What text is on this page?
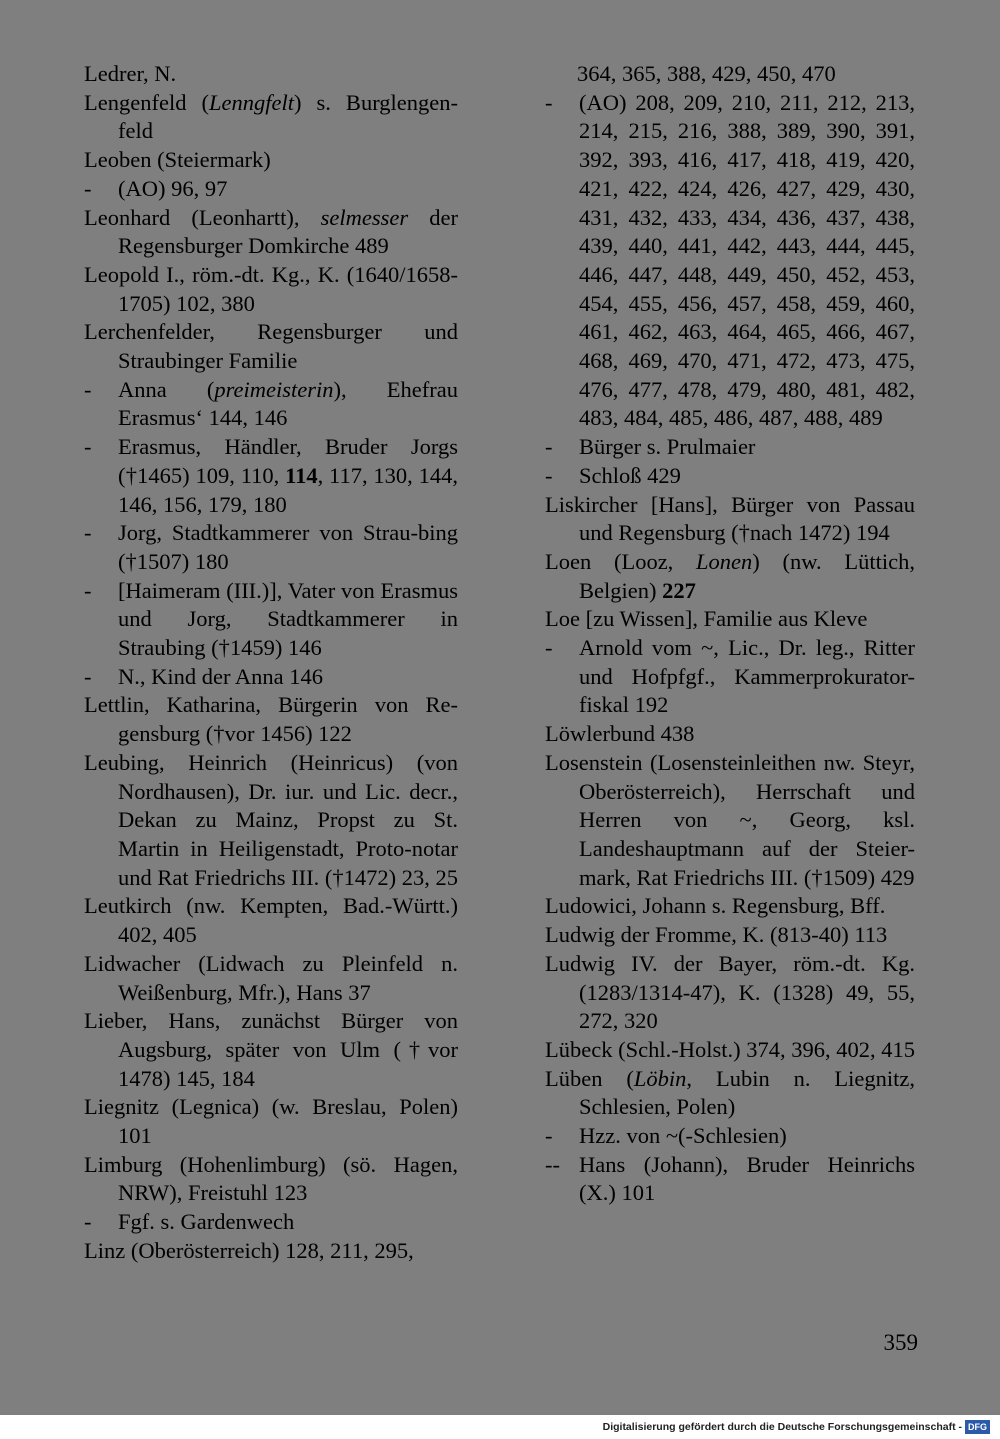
Ledrer, N.
Lengenfeld (Lenngfelt) s. Burglengen-feld
Leoben (Steiermark)
- (AO) 96, 97
Leonhard (Leonhartt), selmesser der Regensburger Domkirche 489
Leopold I., röm.-dt. Kg., K. (1640/1658-1705) 102, 380
Lerchenfelder, Regensburger und Straubinger Familie
- Anna (preimeisterin), Ehefrau Erasmus‘ 144, 146
- Erasmus, Händler, Bruder Jorgs (†1465) 109, 110, 114, 117, 130, 144, 146, 156, 179, 180
- Jorg, Stadtkammerer von Strau-bing (†1507) 180
- [Haimeram (III.)], Vater von Erasmus und Jorg, Stadtkammerer in Straubing (†1459) 146
- N., Kind der Anna 146
Lettlin, Katharina, Bürgerin von Re-gensburg (†vor 1456) 122
Leubing, Heinrich (Heinricus) (von Nordhausen), Dr. iur. und Lic. decr., Dekan zu Mainz, Propst zu St. Martin in Heiligenstadt, Proto-notar und Rat Friedrichs III. (†1472) 23, 25
Leutkirch (nw. Kempten, Bad.-Württ.) 402, 405
Lidwacher (Lidwach zu Pleinfeld n. Weißenburg, Mfr.), Hans 37
Lieber, Hans, zunächst Bürger von Augsburg, später von Ulm (†vor 1478) 145, 184
Liegnitz (Legnica) (w. Breslau, Polen) 101
Limburg (Hohenlimburg) (sö. Hagen, NRW), Freistuhl 123
- Fgf. s. Gardenwech
Linz (Oberösterreich) 128, 211, 295,
364, 365, 388, 429, 450, 470
- (AO) 208, 209, 210, 211, 212, 213, 214, 215, 216, 388, 389, 390, 391, 392, 393, 416, 417, 418, 419, 420, 421, 422, 424, 426, 427, 429, 430, 431, 432, 433, 434, 436, 437, 438, 439, 440, 441, 442, 443, 444, 445, 446, 447, 448, 449, 450, 452, 453, 454, 455, 456, 457, 458, 459, 460, 461, 462, 463, 464, 465, 466, 467, 468, 469, 470, 471, 472, 473, 475, 476, 477, 478, 479, 480, 481, 482, 483, 484, 485, 486, 487, 488, 489
- Bürger s. Prulmaier
- Schloß 429
Liskircher [Hans], Bürger von Passau und Regensburg (†nach 1472) 194
Loen (Looz, Lonen) (nw. Lüttich, Belgien) 227
Loe [zu Wissen], Familie aus Kleve
- Arnold vom ~, Lic., Dr. leg., Ritter und Hofpfgf., Kammerprokurator-fiskal 192
Löwlerbund 438
Losenstein (Losensteinleithen nw. Steyr, Oberösterreich), Herrschaft und Herren von ~, Georg, ksl. Landeshauptmann auf der Steier-mark, Rat Friedrichs III. (†1509) 429
Ludowici, Johann s. Regensburg, Bff.
Ludwig der Fromme, K. (813-40) 113
Ludwig IV. der Bayer, röm.-dt. Kg. (1283/1314-47), K. (1328) 49, 55, 272, 320
Lübeck (Schl.-Holst.) 374, 396, 402, 415
Lüben (Löbin, Lubin n. Liegnitz, Schlesien, Polen)
- Hzz. von ~(-Schlesien)
-- Hans (Johann), Bruder Heinrichs (X.) 101
359
Digitalisierung gefördert durch die Deutsche Forschungsgemeinschaft - DFG
